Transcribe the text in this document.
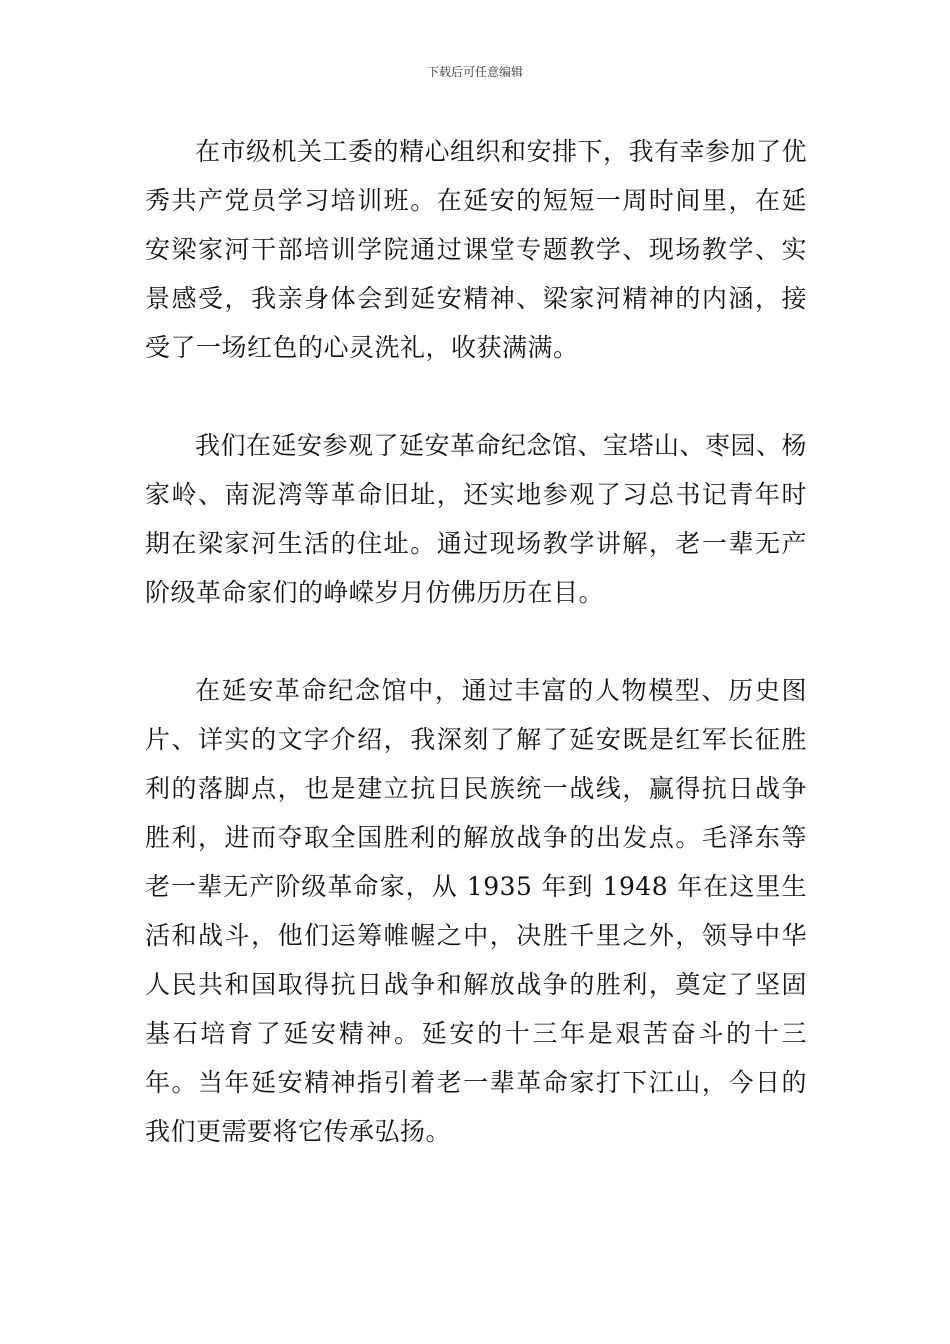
下载后可任意编辑

在市级机关工委的精心组织和安排下，我有幸参加了优秀共产党员学习培训班。在延安的短短一周时间里，在延安梁家河干部培训学院通过课堂专题教学、现场教学、实景感受，我亲身体会到延安精神、梁家河精神的内涵，接受了一场红色的心灵洗礼，收获满满。

我们在延安参观了延安革命纪念馆、宝塔山、枣园、杨家岭、南泥湾等革命旧址，还实地参观了习总书记青年时期在梁家河生活的住址。通过现场教学讲解，老一辈无产阶级革命家们的峥嵘岁月仿佛历历在目。

在延安革命纪念馆中，通过丰富的人物模型、历史图片、详实的文字介绍，我深刻了解了延安既是红军长征胜利的落脚点，也是建立抗日民族统一战线，赢得抗日战争胜利，进而夺取全国胜利的解放战争的出发点。毛泽东等老一辈无产阶级革命家，从 1935 年到 1948 年在这里生活和战斗，他们运筹帷幄之中，决胜千里之外，领导中华人民共和国取得抗日战争和解放战争的胜利，奠定了坚固基石培育了延安精神。延安的十三年是艰苦奋斗的十三年。当年延安精神指引着老一辈革命家打下江山，今日的我们更需要将它传承弘扬。
